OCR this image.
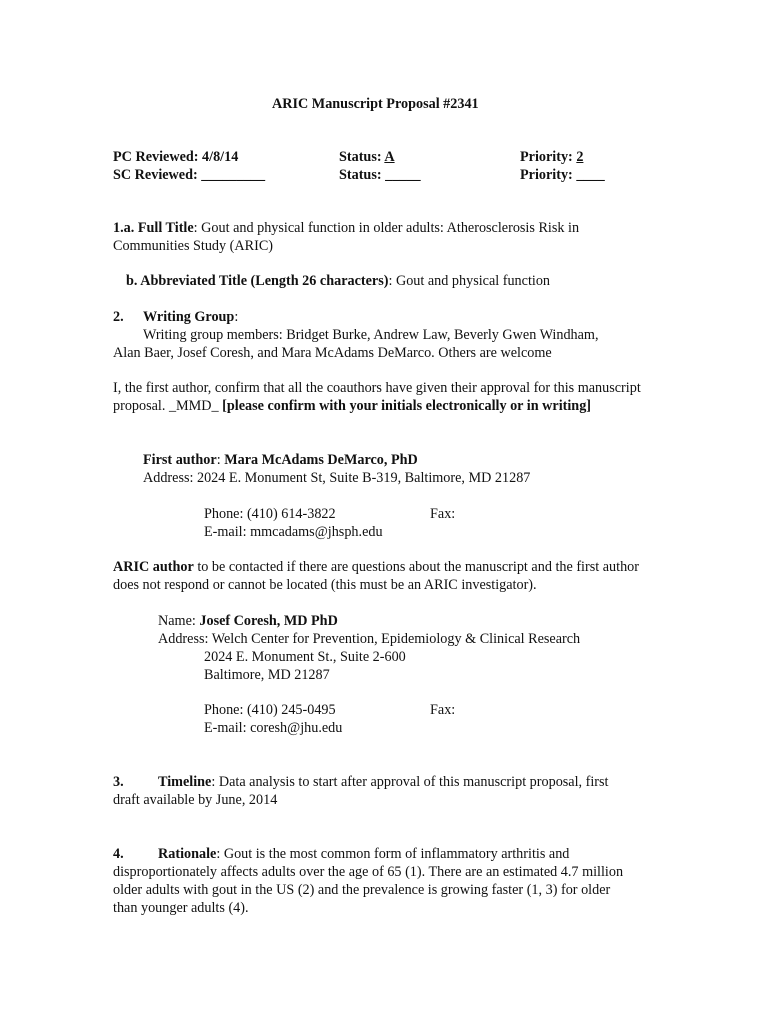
ARIC Manuscript Proposal #2341
PC Reviewed: 4/8/14
SC Reviewed: _________
Status: A
Status: _____
Priority: 2
Priority: ____
1.a. Full Title: Gout and physical function in older adults: Atherosclerosis Risk in Communities Study (ARIC)
b. Abbreviated Title (Length 26 characters): Gout and physical function
2. Writing Group:
Writing group members: Bridget Burke, Andrew Law, Beverly Gwen Windham,
Alan Baer, Josef Coresh, and Mara McAdams DeMarco. Others are welcome
I, the first author, confirm that all the coauthors have given their approval for this manuscript proposal. _MMD_ [please confirm with your initials electronically or in writing]
First author: Mara McAdams DeMarco, PhD
Address: 2024 E. Monument St, Suite B-319, Baltimore, MD 21287
Phone: (410) 614-3822	Fax:
E-mail: mmcadams@jhsph.edu
ARIC author to be contacted if there are questions about the manuscript and the first author does not respond or cannot be located (this must be an ARIC investigator).
Name: Josef Coresh, MD PhD
Address: Welch Center for Prevention, Epidemiology & Clinical Research
2024 E. Monument St., Suite 2-600
Baltimore, MD 21287
Phone: (410) 245-0495	Fax:
E-mail: coresh@jhu.edu
3. Timeline: Data analysis to start after approval of this manuscript proposal, first
draft available by June, 2014
4. Rationale: Gout is the most common form of inflammatory arthritis and
disproportionately affects adults over the age of 65 (1). There are an estimated 4.7 million
older adults with gout in the US (2) and the prevalence is growing faster (1, 3) for older
than younger adults (4).
